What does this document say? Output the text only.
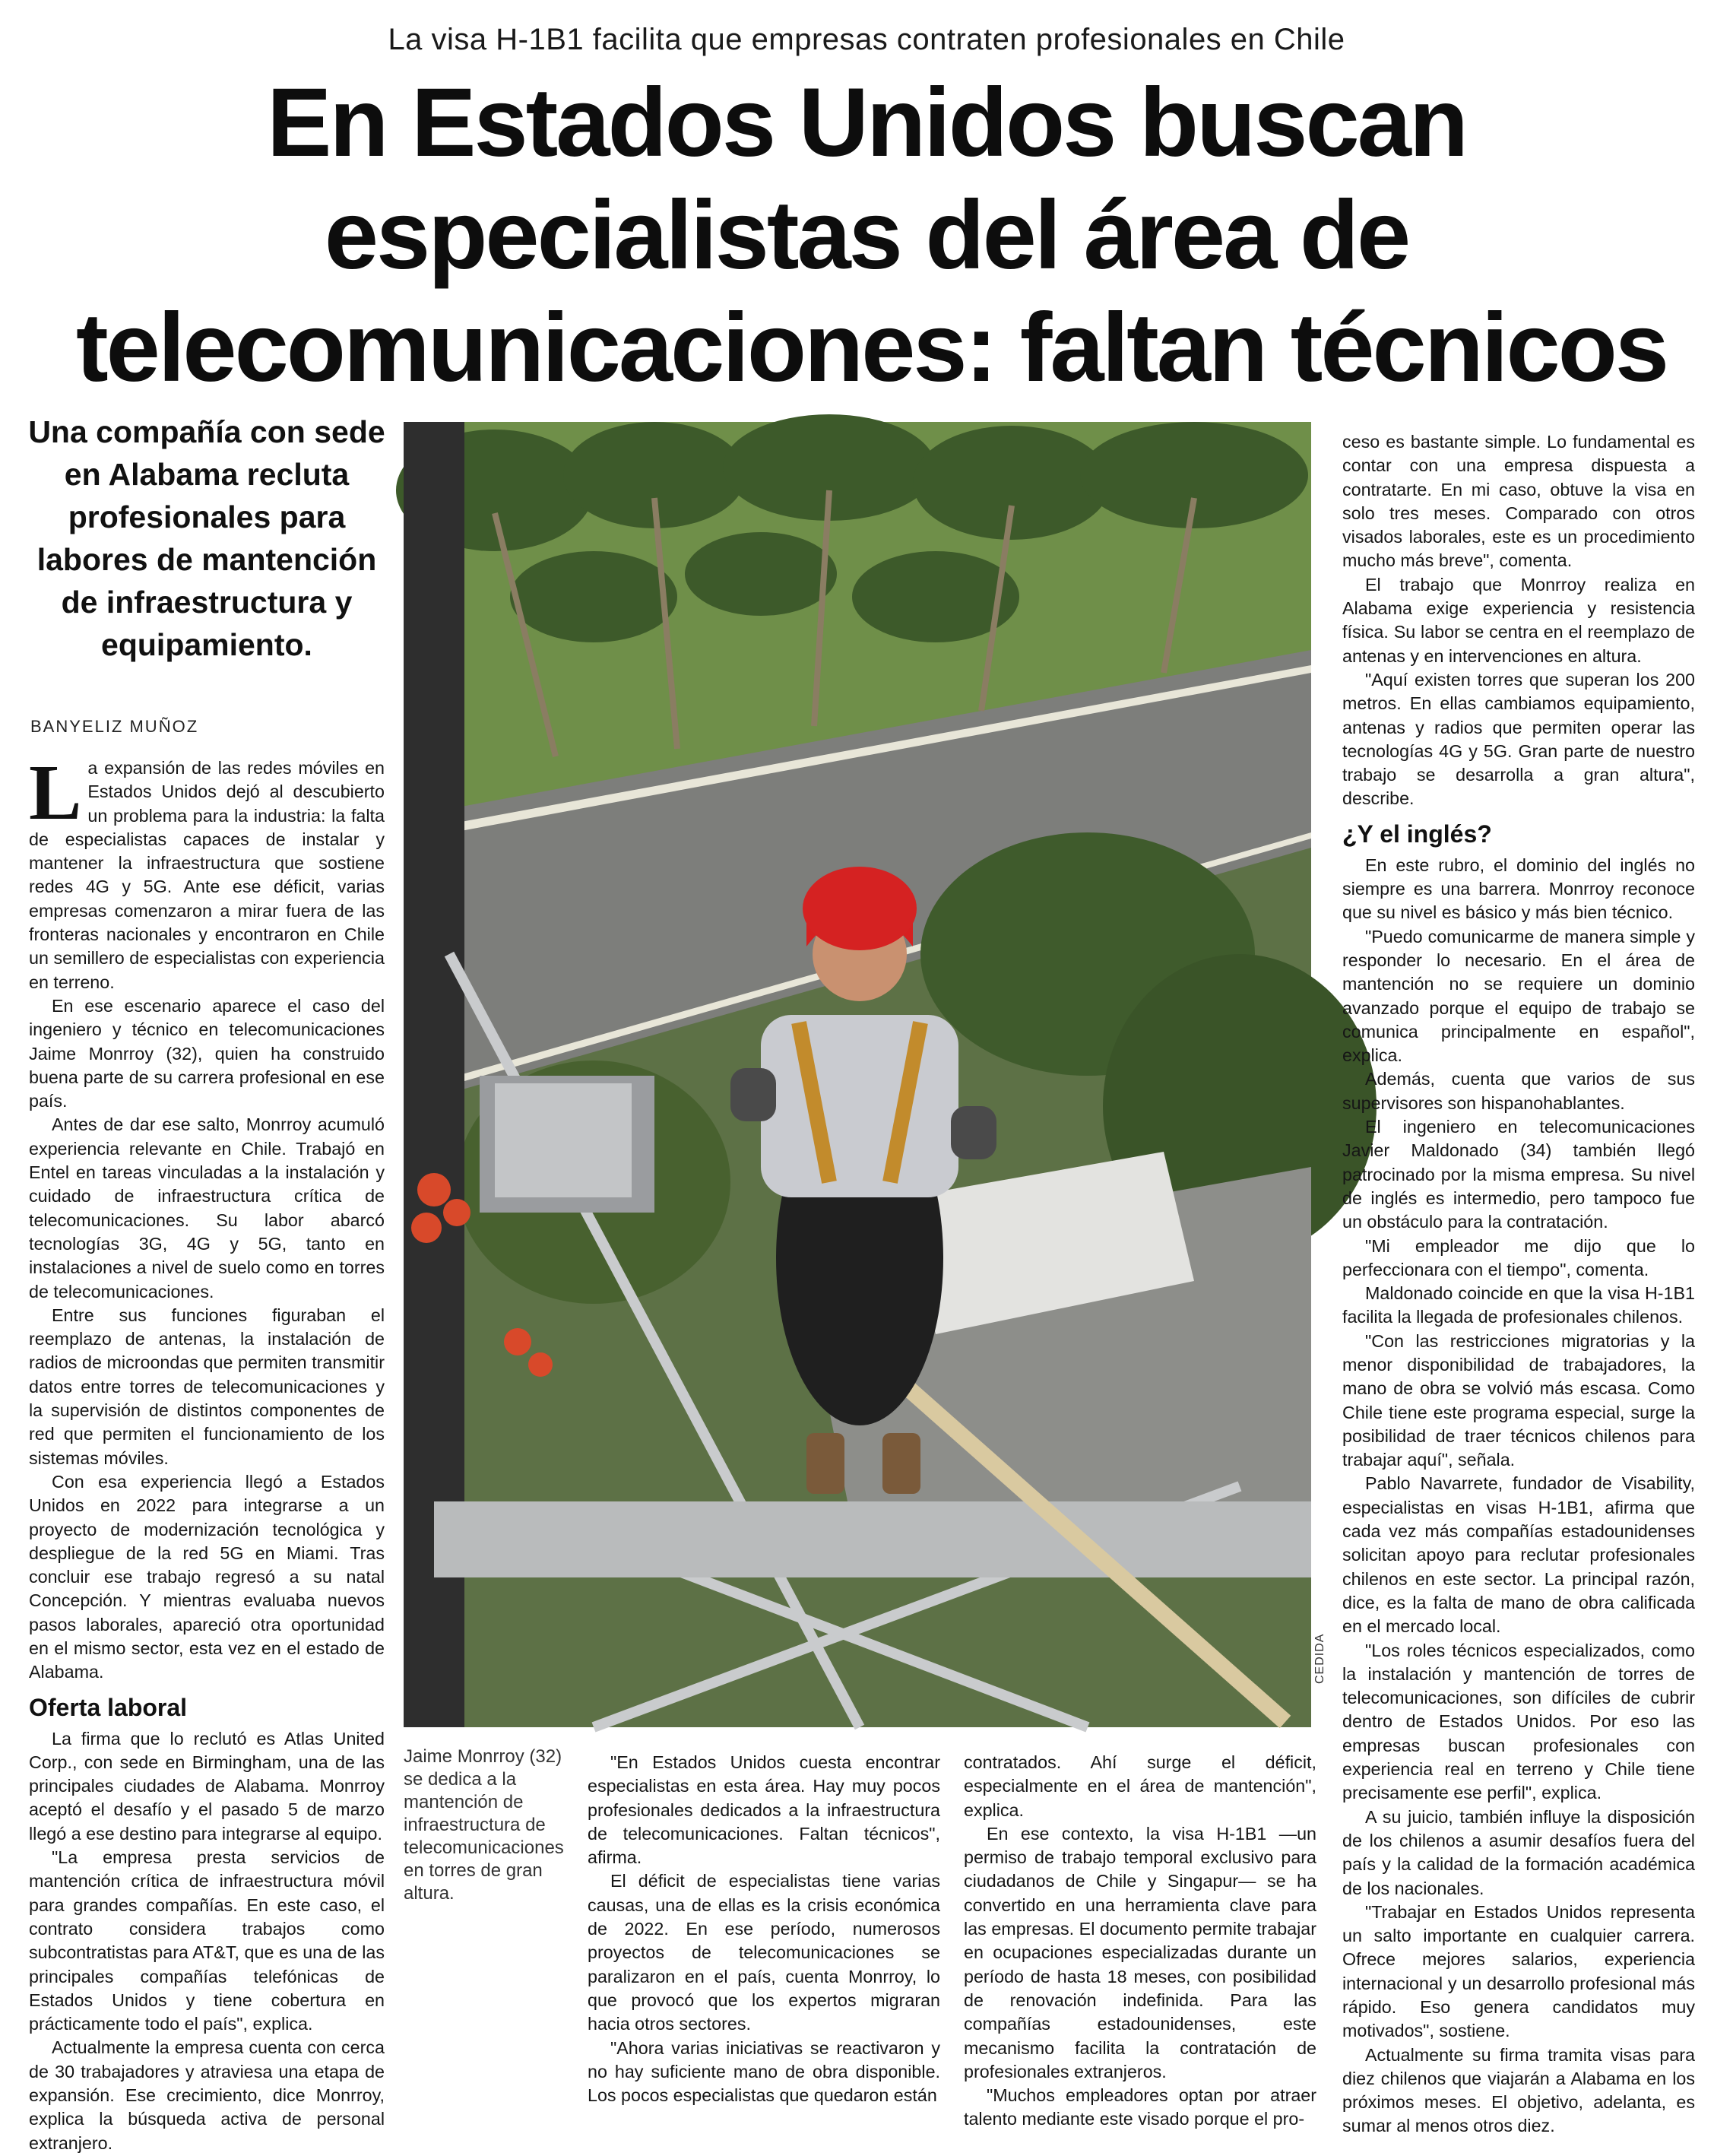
La visa H-1B1 facilita que empresas contraten profesionales en Chile
En Estados Unidos buscan
especialistas del área de
telecomunicaciones: faltan técnicos
Una compañía con sede en Alabama recluta profesionales para labores de mantención de infraestructura y equipamiento.
BANYELIZ MUÑOZ

La expansión de las redes móviles en Estados Unidos dejó al descubierto un problema para la industria: la falta de especialistas capaces de instalar y mantener la infraestructura que sostiene redes 4G y 5G. Ante ese déficit, varias empresas comenzaron a mirar fuera de las fronteras nacionales y encontraron en Chile un semillero de especialistas con experiencia en terreno.

En ese escenario aparece el caso del ingeniero y técnico en telecomunicaciones Jaime Monrroy (32), quien ha construido buena parte de su carrera profesional en ese país.

Antes de dar ese salto, Monrroy acumuló experiencia relevante en Chile. Trabajó en Entel en tareas vinculadas a la instalación y cuidado de infraestructura crítica de telecomunicaciones. Su labor abarcó tecnologías 3G, 4G y 5G, tanto en instalaciones a nivel de suelo como en torres de telecomunicaciones.

Entre sus funciones figuraban el reemplazo de antenas, la instalación de radios de microondas que permiten transmitir datos entre torres de telecomunicaciones y la supervisión de distintos componentes de red que permiten el funcionamiento de los sistemas móviles.

Con esa experiencia llegó a Estados Unidos en 2022 para integrarse a un proyecto de modernización tecnológica y despliegue de la red 5G en Miami. Tras concluir ese trabajo regresó a su natal Concepción. Y mientras evaluaba nuevos pasos laborales, apareció otra oportunidad en el mismo sector, esta vez en el estado de Alabama.

Oferta laboral

La firma que lo reclutó es Atlas United Corp., con sede en Birmingham, una de las principales ciudades de Alabama. Monrroy aceptó el desafío y el pasado 5 de marzo llegó a ese destino para integrarse al equipo.

"La empresa presta servicios de mantención crítica de infraestructura móvil para grandes compañías. En este caso, el contrato considera trabajos como subcontratistas para AT&T, que es una de las principales compañías telefónicas de Estados Unidos y tiene cobertura en prácticamente todo el país", explica.

Actualmente la empresa cuenta con cerca de 30 trabajadores y atraviesa una etapa de expansión. Ese crecimiento, dice Monrroy, explica la búsqueda activa de personal extranjero.

CEDIDA
Jaime Monrroy (32) se dedica a la mantención de infraestructura de telecomunicaciones en torres de gran altura.

"En Estados Unidos cuesta encontrar especialistas en esta área. Hay muy pocos profesionales dedicados a la infraestructura de telecomunicaciones. Faltan técnicos", afirma.

El déficit de especialistas tiene varias causas, una de ellas es la crisis económica de 2022. En ese período, numerosos proyectos de telecomunicaciones se paralizaron en el país, cuenta Monrroy, lo que provocó que los expertos migraran hacia otros sectores.

"Ahora varias iniciativas se reactivaron y no hay suficiente mano de obra disponible. Los pocos especialistas que quedaron están

contratados. Ahí surge el déficit, especialmente en el área de mantención", explica.

En ese contexto, la visa H-1B1 —un permiso de trabajo temporal exclusivo para ciudadanos de Chile y Singapur— se ha convertido en una herramienta clave para las empresas. El documento permite trabajar en ocupaciones especializadas durante un período de hasta 18 meses, con posibilidad de renovación indefinida. Para las compañías estadounidenses, este mecanismo facilita la contratación de profesionales extranjeros.

"Muchos empleadores optan por atraer talento mediante este visado porque el pro-

ceso es bastante simple. Lo fundamental es contar con una empresa dispuesta a contratarte. En mi caso, obtuve la visa en solo tres meses. Comparado con otros visados laborales, este es un procedimiento mucho más breve", comenta.

El trabajo que Monrroy realiza en Alabama exige experiencia y resistencia física. Su labor se centra en el reemplazo de antenas y en intervenciones en altura.

"Aquí existen torres que superan los 200 metros. En ellas cambiamos equipamiento, antenas y radios que permiten operar las tecnologías 4G y 5G. Gran parte de nuestro trabajo se desarrolla a gran altura", describe.

¿Y el inglés?

En este rubro, el dominio del inglés no siempre es una barrera. Monrroy reconoce que su nivel es básico y más bien técnico.

"Puedo comunicarme de manera simple y responder lo necesario. En el área de mantención no se requiere un dominio avanzado porque el equipo de trabajo se comunica principalmente en español", explica.

Además, cuenta que varios de sus supervisores son hispanohablantes.

El ingeniero en telecomunicaciones Javier Maldonado (34) también llegó patrocinado por la misma empresa. Su nivel de inglés es intermedio, pero tampoco fue un obstáculo para la contratación.

"Mi empleador me dijo que lo perfeccionara con el tiempo", comenta.

Maldonado coincide en que la visa H-1B1 facilita la llegada de profesionales chilenos.

"Con las restricciones migratorias y la menor disponibilidad de trabajadores, la mano de obra se volvió más escasa. Como Chile tiene este programa especial, surge la posibilidad de traer técnicos chilenos para trabajar aquí", señala.

Pablo Navarrete, fundador de Visability, especialistas en visas H-1B1, afirma que cada vez más compañías estadounidenses solicitan apoyo para reclutar profesionales chilenos en este sector. La principal razón, dice, es la falta de mano de obra calificada en el mercado local.

"Los roles técnicos especializados, como la instalación y mantención de torres de telecomunicaciones, son difíciles de cubrir dentro de Estados Unidos. Por eso las empresas buscan profesionales con experiencia real en terreno y Chile tiene precisamente ese perfil", explica.

A su juicio, también influye la disposición de los chilenos a asumir desafíos fuera del país y la calidad de la formación académica de los nacionales.

"Trabajar en Estados Unidos representa un salto importante en cualquier carrera. Ofrece mejores salarios, experiencia internacional y un desarrollo profesional más rápido. Eso genera candidatos muy motivados", sostiene.

Actualmente su firma tramita visas para diez chilenos que viajarán a Alabama en los próximos meses. El objetivo, adelanta, es sumar al menos otros diez.
